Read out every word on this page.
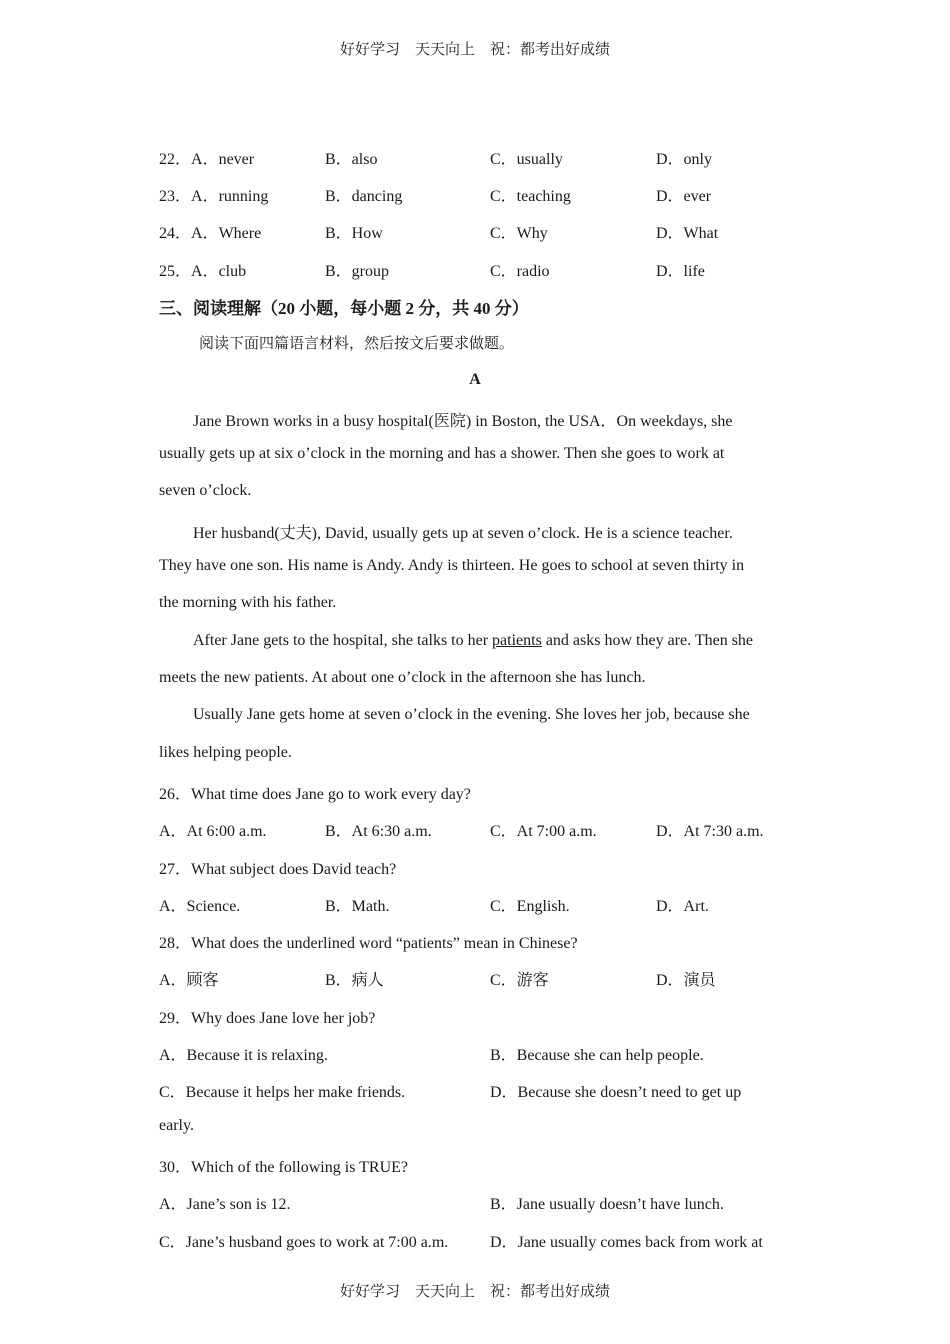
好好学习　天天向上　祝：都考出好成绩
22．A．never	B．also	C．usually	D．only
23．A．running	B．dancing	C．teaching	D．ever
24．A．Where	B．How	C．Why	D．What
25．A．club	B．group	C．radio	D．life
三、阅读理解（20 小题，每小题 2 分，共 40 分）
阅读下面四篇语言材料，然后按文后要求做题。
A
Jane Brown works in a busy hospital(医院) in Boston, the USA．On weekdays, she
usually gets up at six o’clock in the morning and has a shower. Then she goes to work at
seven o’clock.
Her husband(丈夫), David, usually gets up at seven o’clock. He is a science teacher.
They have one son. His name is Andy. Andy is thirteen. He goes to school at seven thirty in
the morning with his father.
After Jane gets to the hospital, she talks to her patients and asks how they are. Then she
meets the new patients. At about one o’clock in the afternoon she has lunch.
Usually Jane gets home at seven o’clock in the evening. She loves her job, because she
likes helping people.
26．What time does Jane go to work every day?
A．At 6:00 a.m.	B．At 6:30 a.m.	C．At 7:00 a.m.	D．At 7:30 a.m.
27．What subject does David teach?
A．Science.	B．Math.	C．English.	D．Art.
28．What does the underlined word “patients” mean in Chinese?
A．顾客	B．病人	C．游客	D．演员
29．Why does Jane love her job?
A．Because it is relaxing.	B．Because she can help people.
C．Because it helps her make friends.	D．Because she doesn’t need to get up
early.
30．Which of the following is TRUE?
A．Jane’s son is 12.	B．Jane usually doesn’t have lunch.
C．Jane’s husband goes to work at 7:00 a.m.	D．Jane usually comes back from work at
好好学习　天天向上　祝：都考出好成绩
